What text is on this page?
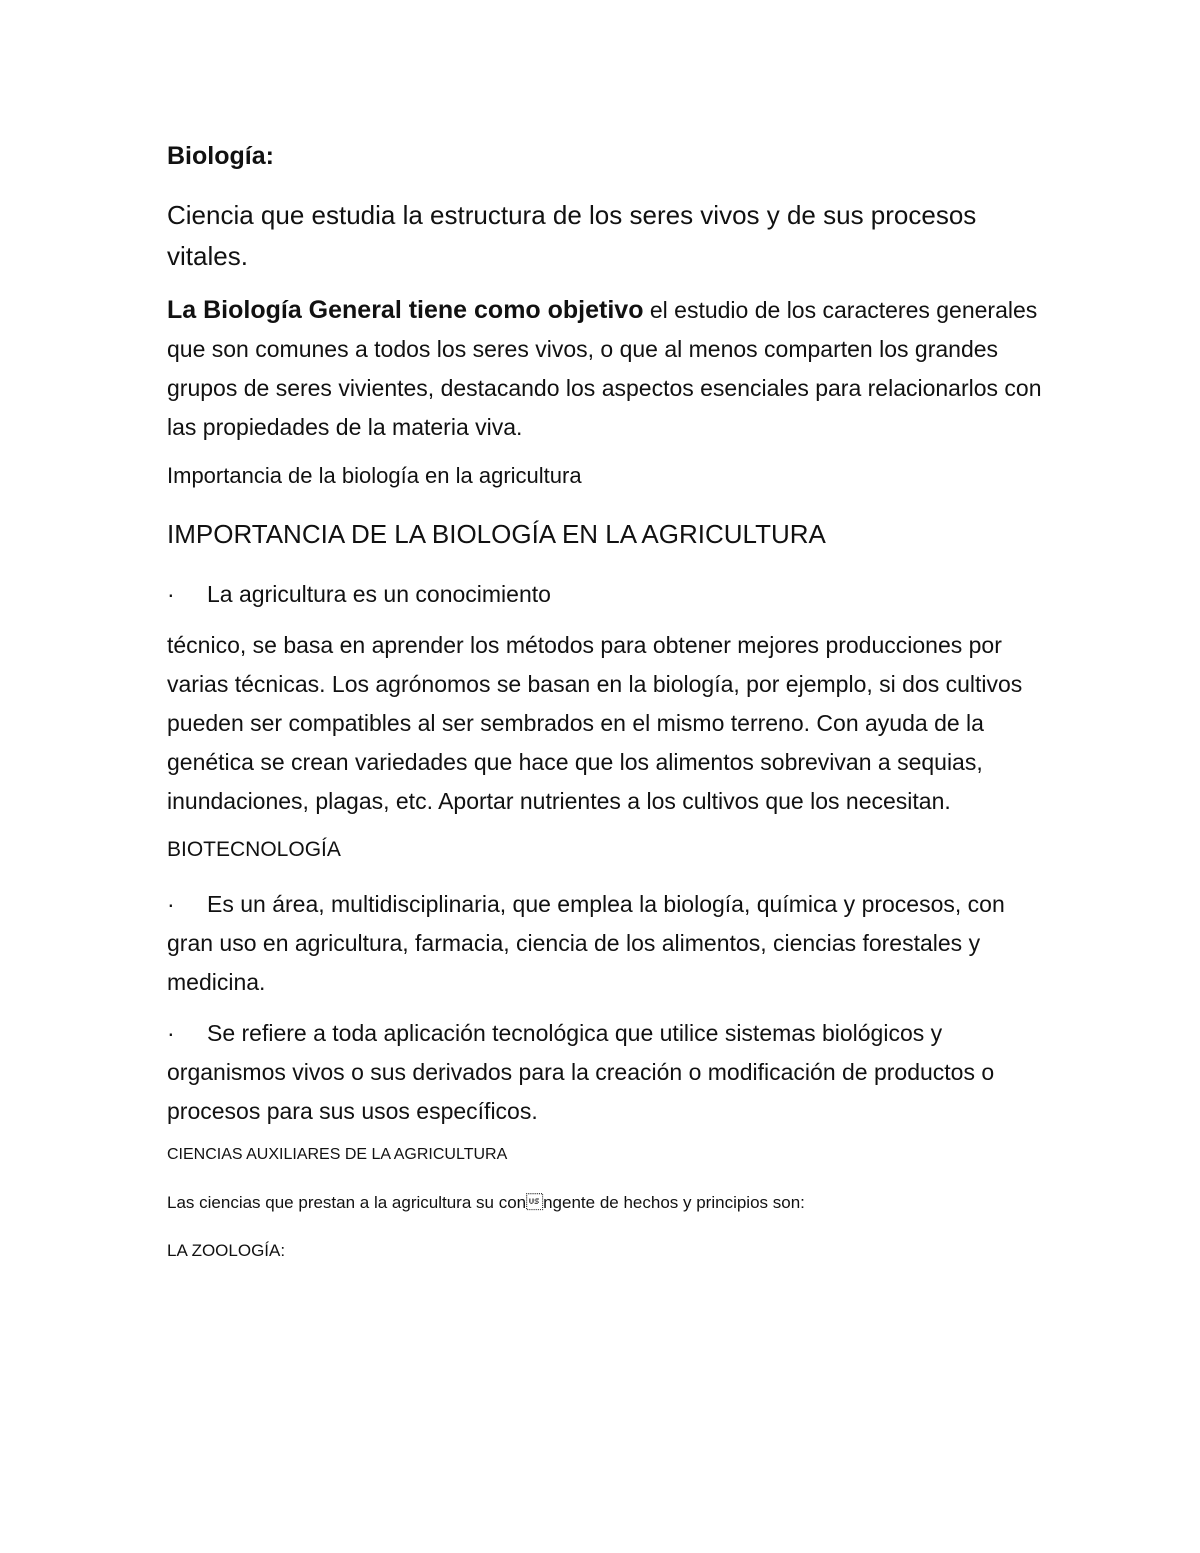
Biología:

Ciencia que estudia la estructura de los seres vivos y de sus procesos vitales.

La Biología General tiene como objetivo el estudio de los caracteres generales que son comunes a todos los seres vivos, o que al menos comparten los grandes grupos de seres vivientes, destacando los aspectos esenciales para relacionarlos con las propiedades de la materia viva.

Importancia de la biología en la agricultura

IMPORTANCIA DE LA BIOLOGÍA EN LA AGRICULTURA

· La agricultura es un conocimiento

técnico, se basa en aprender los métodos para obtener mejores producciones por varias técnicas. Los agrónomos se basan en la biología, por ejemplo, si dos cultivos pueden ser compatibles al ser sembrados en el mismo terreno. Con ayuda de la genética se crean variedades que hace que los alimentos sobrevivan a sequias, inundaciones, plagas, etc. Aportar nutrientes a los cultivos que los necesitan.

BIOTECNOLOGÍA

· Es un área, multidisciplinaria, que emplea la biología, química y procesos, con gran uso en agricultura, farmacia, ciencia de los alimentos, ciencias forestales y medicina.

· Se refiere a toda aplicación tecnológica que utilice sistemas biológicos y organismos vivos o sus derivados para la creación o modificación de productos o procesos para sus usos específicos.

CIENCIAS AUXILIARES DE LA AGRICULTURA

Las ciencias que prestan a la agricultura su conngente de hechos y principios son:

LA ZOOLOGÍA:
